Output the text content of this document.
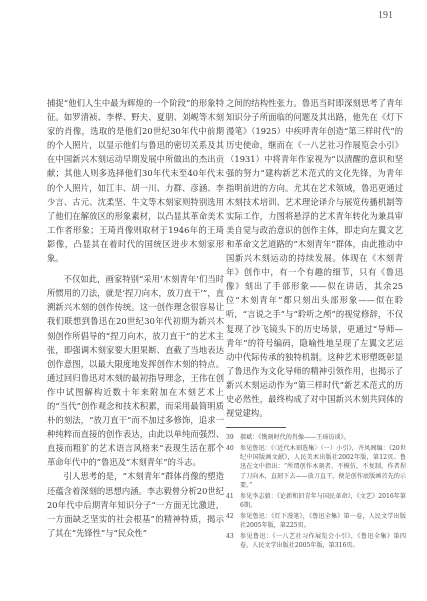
191

捕捉“他们人生中最为辉煌的一个阶段”的形象特征。如罗清祯、李桦、野夫、夏朋、刘岘等木刻家的肖像，选取的是他们20世纪30年代中前期的个人照片，以显示他们与鲁迅的密切关系及其在中国新兴木刻运动早期发展中所做出的杰出贡献；其他人则多选择他们30年代末至40年代末的个人照片，如江丰、胡一川、力群、彦涵、李少言、古元、沈柔坚、牛文等木刻家则特别选用了他们在解放区的形象素材，以凸显其革命美术工作者形象；王琦肖像则取材于1946年的王琦影像，凸显其在着时代的国统区进步木刻家形象。

不仅如此，画家特别“采用‘木刻青年’们当时所惯用的刀法，就是‘捏刀向木，放刀直干’”，直溯新兴木刻的创作传统。这一创作理念很容易让我们联想到鲁迅在20世纪30年代初期为新兴木刻创作所倡导的“捏刀向木，放刀直干”的艺术主张，即强调木刻家要大胆果断、直截了当地表达创作意图，以最大限度地发挥创作木刻的特点。通过回归鲁迅对木刻的最初指导理念，王伟在创作中试图解构近数十年来附加在木刻艺术上的“当代”创作观念和技术积累，而采用最简明质朴的刻法，“放刀直干”而不加过多修饰，追求一种纯粹而直接的创作表达，由此以单纯而强烈、直接而粗犷的艺术语言风格来“表现生活在那个革命年代中的”鲁迅及“木刻青年”的斗志。

引人思考的是，“木刻青年”群体肖像的塑造还蕴含着深刻的思想内涵。李志毅曾分析20世纪20年代中后期青年知识分子“一方面无比激进，一方面缺乏坚实的社会根基”的精神特质，揭示了其在“先锋性”与“民众性”

之间的结构性张力。鲁迅当时即深刻思考了青年知识分子所面临的问题及其出路，他先在《灯下漫笔》（1925）中疾呼青年创造“第三样时代”的历史使命，继而在《一八艺社习作展览会小引》（1931）中将青年作家视为“以清醒的意识和坚强的努力”建构新艺术范式的文化先锋，为青年指明前进的方向。尤其在艺术领域，鲁迅更通过木刻技术培训、艺术理论译介与展览传播机制等实际工作，力图将悬浮的艺术青年转化为兼具审美自觉与政治意识的创作主体，即走向左翼文艺和革命文艺道路的“木刻青年”群体，由此推动中国新兴木刻运动的持续发展。体现在《木刻青年》创作中，有一个有趣的细节，只有《鲁迅像》刻出了手部形象——似在讲话，其余25位“木刻青年”都只刻出头部形象——似在聆听，“言说之手”与“聆听之颅”的视觉修辞，不仅复现了沙飞镜头下的历史场景，更通过“导师—青年”的符号编码，隐喻性地呈现了左翼文艺运动中代际传承的独特机制。这种艺术形塑既彰显了鲁迅作为文化导师的精神引领作用，也揭示了新兴木刻运动作为“第三样时代”新艺术范式的历史必然性，最终构成了对中国新兴木刻共同体的视觉建构。

39	郝斌：《镌刻时代的肖像——王琦访谈》。
40	参见鲁迅：《〈近代木刻选集〉（一）小引》，齐凤阁编：《20世纪中国版画文献》，人民美术出版社2002年版，第12页。鲁迅在文中指出：“所谓创作木刻者，不模仿，不复制，作者捏了刀向木，直刻下去——放刀直干，便是创作底版画首先的示要。”
41	参见李志毅：《论新和旧青年与国民革命》，《文艺》2016年第6期。
42	参见鲁迅：《灯下漫笔》，《鲁迅全集》第一卷，人民文学出版社2005年版，第225页。
43	参见鲁迅：《一八艺社习作展览会小引》，《鲁迅全集》第四卷，人民文学出版社2005年版，第316页。
